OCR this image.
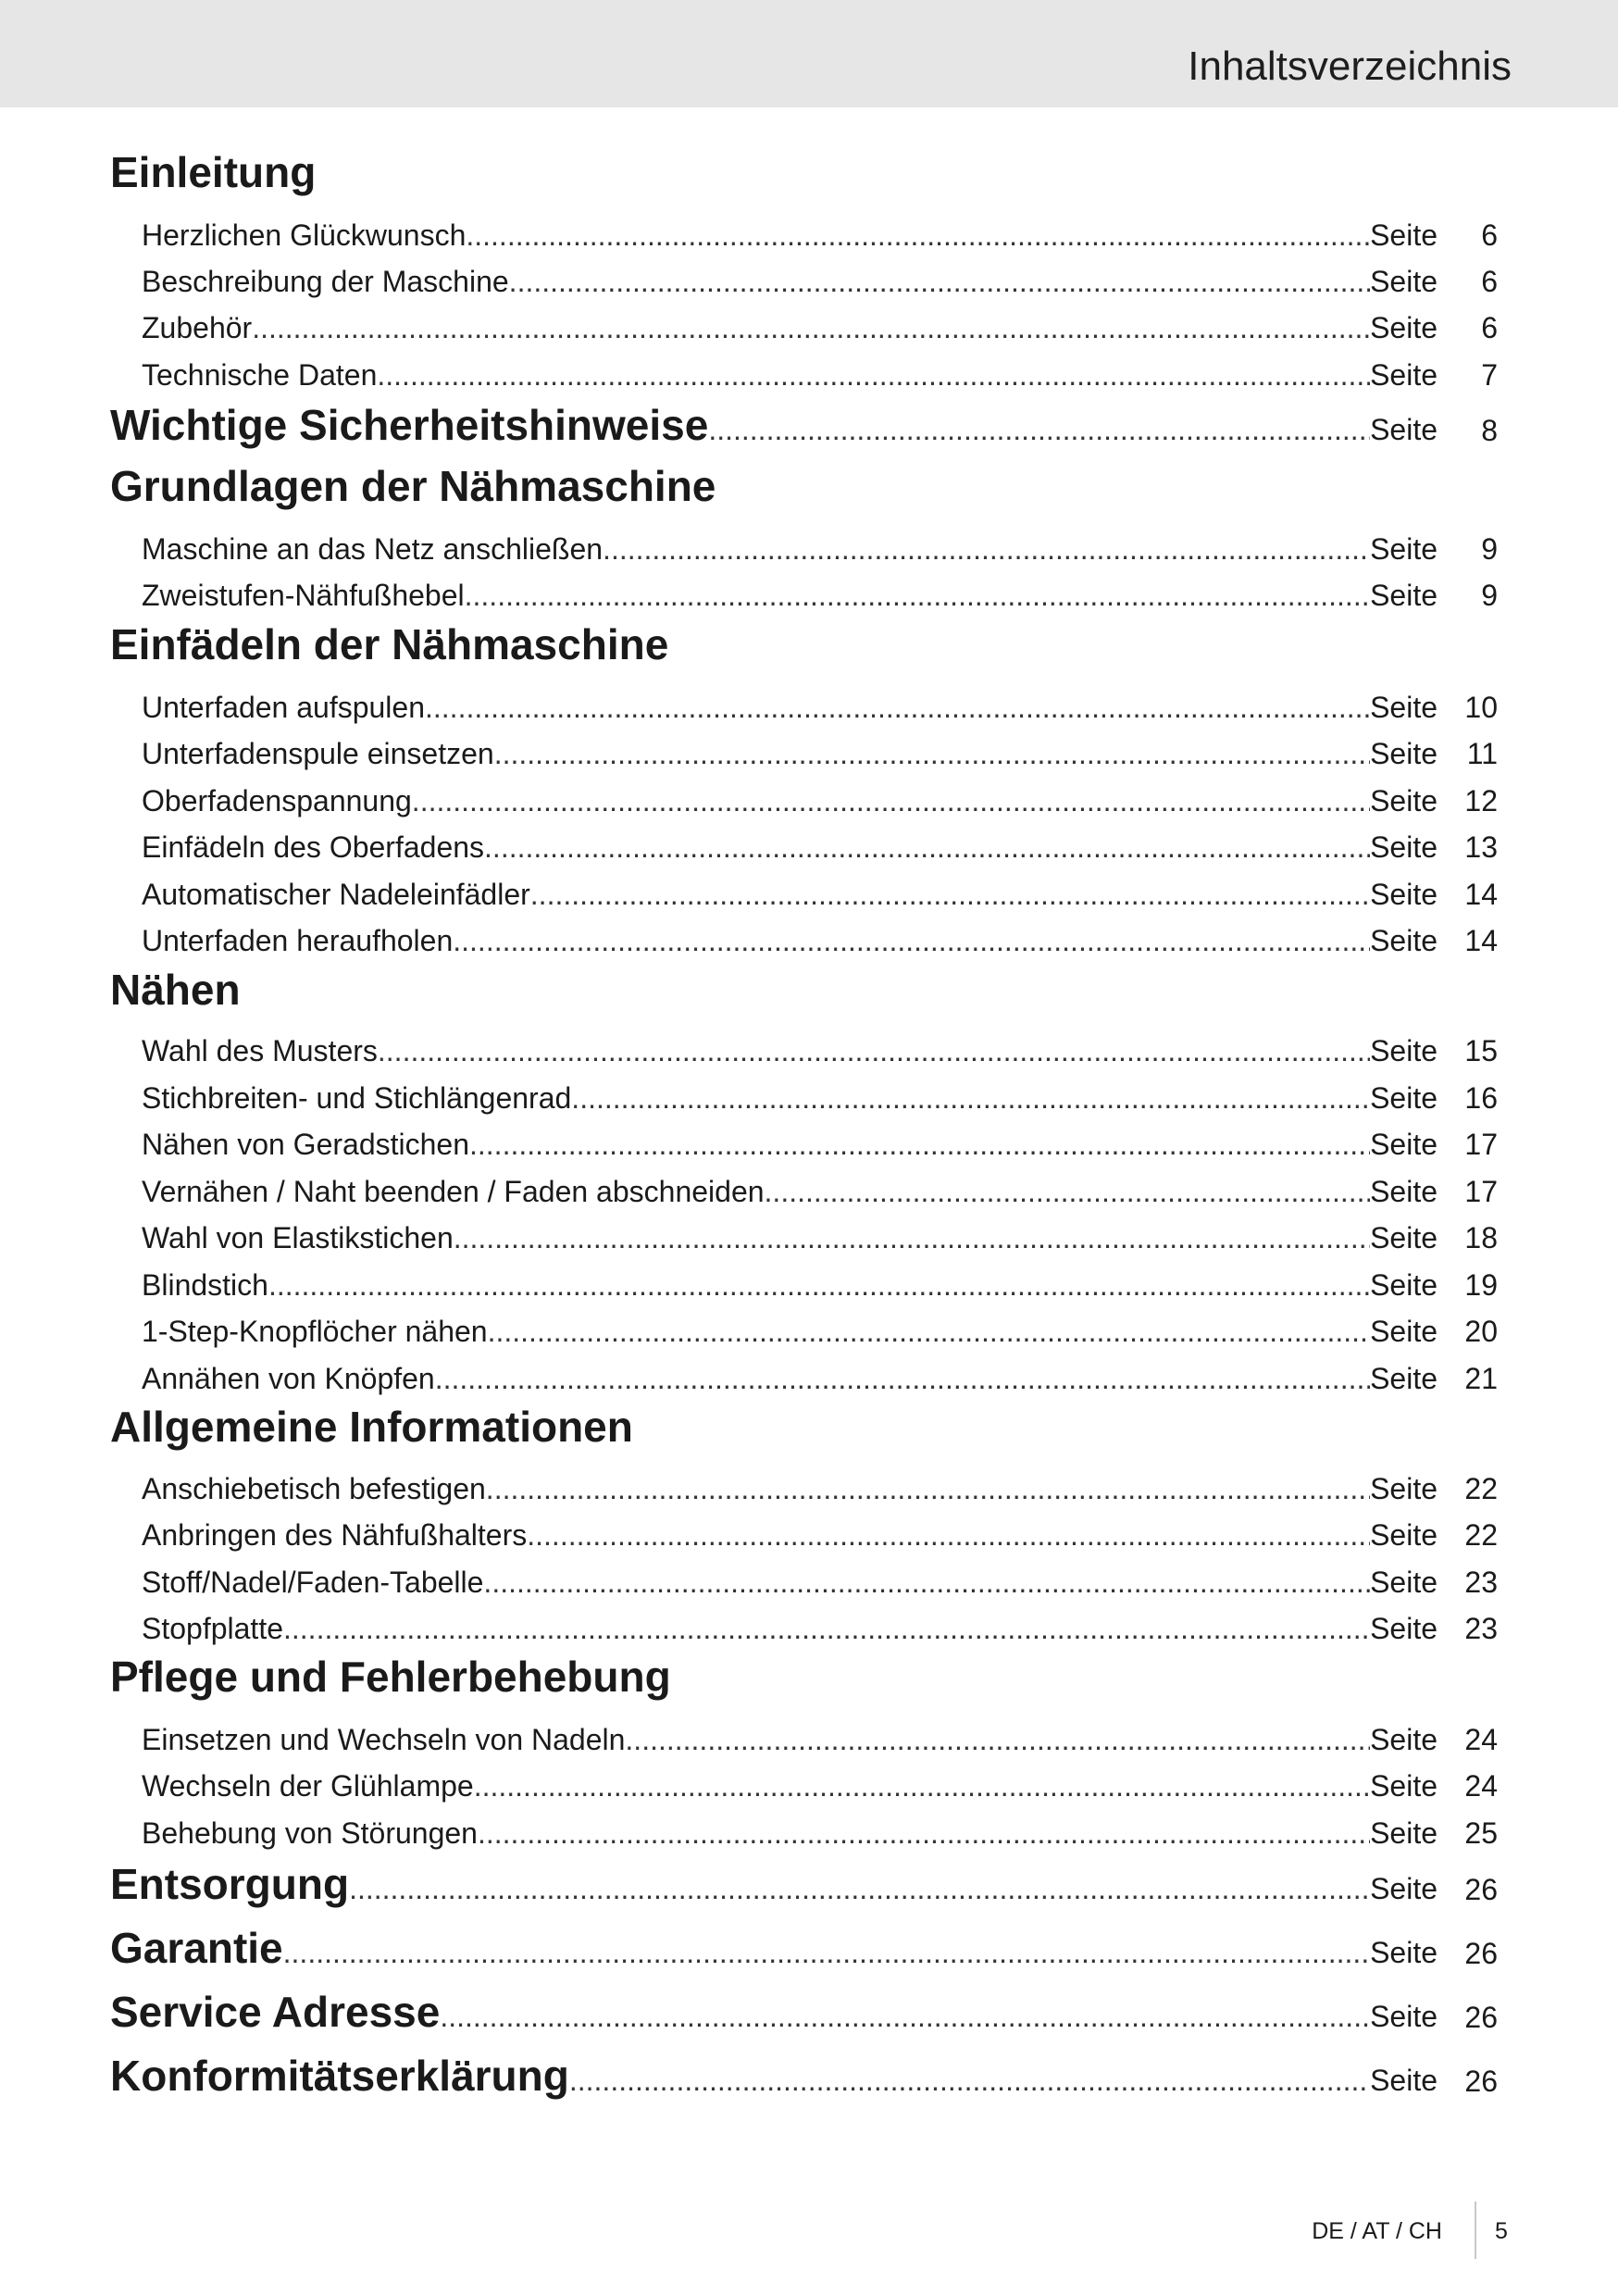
Inhaltsverzeichnis
Einleitung
Herzlichen Glückwunsch .....	Seite 6
Beschreibung der Maschine .....	Seite 6
Zubehör .....	Seite 6
Technische Daten .....	Seite 7
Wichtige Sicherheitshinweise .....	Seite 8
Grundlagen der Nähmaschine
Maschine an das Netz anschließen .....	Seite 9
Zweistufen-Nähfußhebel .....	Seite 9
Einfädeln der Nähmaschine
Unterfaden aufspulen .....	Seite 10
Unterfadenspule einsetzen .....	Seite 11
Oberfadenspannung .....	Seite 12
Einfädeln des Oberfadens .....	Seite 13
Automatischer Nadeleinfädler .....	Seite 14
Unterfaden heraufholen .....	Seite 14
Nähen
Wahl des Musters .....	Seite 15
Stichbreiten- und Stichlängenrad .....	Seite 16
Nähen von Geradstichen .....	Seite 17
Vernähen / Naht beenden / Faden abschneiden .....	Seite 17
Wahl von Elastikstichen .....	Seite 18
Blindstich .....	Seite 19
1-Step-Knopflöcher nähen .....	Seite 20
Annähen von Knöpfen .....	Seite 21
Allgemeine Informationen
Anschiebetisch befestigen .....	Seite 22
Anbringen des Nähfußhalters .....	Seite 22
Stoff/Nadel/Faden-Tabelle .....	Seite 23
Stopfplatte .....	Seite 23
Pflege und Fehlerbehebung
Einsetzen und Wechseln von Nadeln .....	Seite 24
Wechseln der Glühlampe .....	Seite 24
Behebung von Störungen .....	Seite 25
Entsorgung .....	Seite 26
Garantie .....	Seite 26
Service Adresse .....	Seite 26
Konformitätserklärung .....	Seite 26
DE / AT / CH 5
